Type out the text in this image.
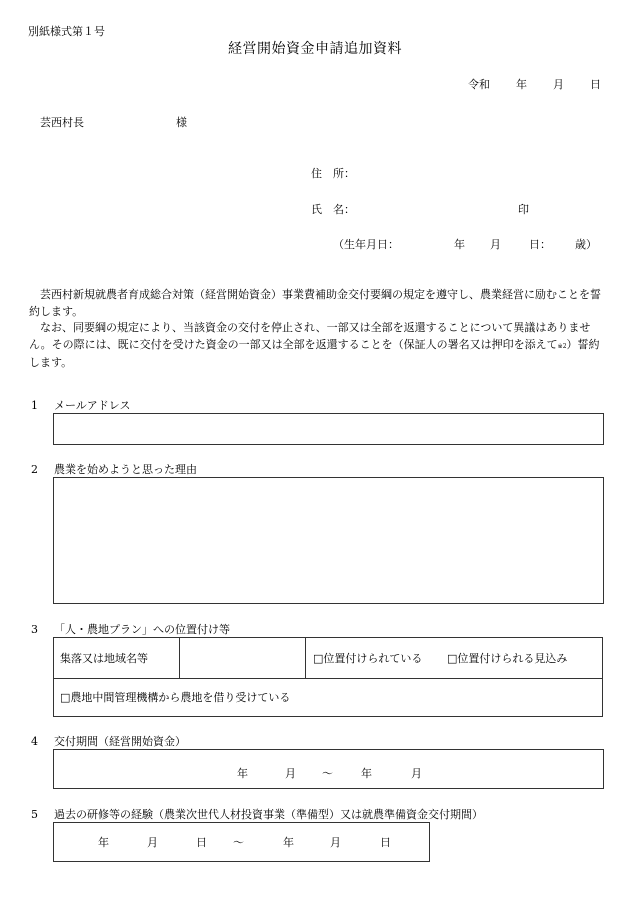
別紙様式第１号
経営開始資金申請追加資料
令和 年 月 日
芸西村長	様
住　所：
氏　名：	印
（生年月日：	年 月	日： 歳）

芸西村新規就農者育成総合対策（経営開始資金）事業費補助金交付要綱の規定を遵守し、農業経営に励むことを誓約します。

なお、同要綱の規定により、当該資金の交付を停止され、一部又は全部を返還することについて異議はありません。その際には、既に交付を受けた資金の一部又は全部を返還することを（保証人の署名又は押印を添えて※2）誓約します。

1 メールアドレス
2 農業を始めようと思った理由
3 「人・農地プラン」への位置付け等
集落又は地域名等	□位置付けられている □位置付けられる見込み
□農地中間管理機構から農地を借り受けている
4 交付期間（経営開始資金）
年	月 ～	年	月
5 過去の研修等の経験（農業次世代人材投資事業（準備型）又は就農準備資金交付期間）
年	月	日 ～	年	月	日
